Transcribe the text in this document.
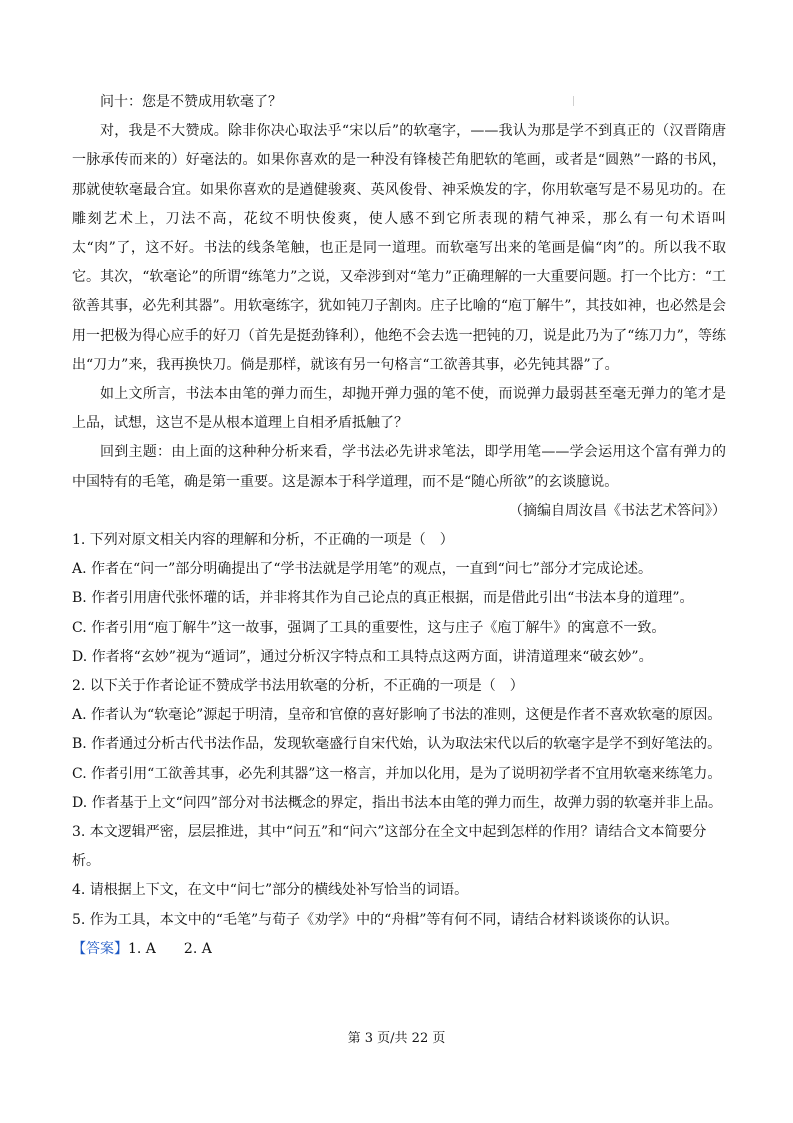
问十：您是不赞成用软毫了？

对，我是不大赞成。除非你决心取法乎“宋以后”的软毫字，——我认为那是学不到真正的（汉晋隋唐一脉承传而来的）好毫法的。如果你喜欢的是一种没有锋棱芒角肥软的笔画，或者是“圆熟”一路的书风，那就使软毫最合宜。如果你喜欢的是遒健骏爽、英风俊骨、神采焕发的字，你用软毫写是不易见功的。在雕刻艺术上，刀法不高，花纹不明快俊爽，使人感不到它所表现的精气神采，那么有一句术语叫太“肉”了，这不好。书法的线条笔触，也正是同一道理。而软毫写出来的笔画是偏“肉”的。所以我不取它。其次，“软毫论”的所谓“练笔力”之说，又牵涉到对“笔力”正确理解的一大重要问题。打一个比方：“工欲善其事，必先利其器”。用软毫练字，犹如钝刀子割肉。庄子比喻的“庖丁解牛”，其技如神，也必然是会用一把极为得心应手的好刀（首先是挺劲锋利），他绝不会去选一把钝的刀，说是此乃为了“练刀力”，等练出“刀力”来，我再换快刀。倘是那样，就该有另一句格言“工欲善其事，必先钝其器”了。

如上文所言，书法本由笔的弹力而生，却抛开弹力强的笔不使，而说弹力最弱甚至毫无弹力的笔才是上品，试想，这岂不是从根本道理上自相矛盾抵触了？

回到主题：由上面的这种种分析来看，学书法必先讲求笔法，即学用笔——学会运用这个富有弹力的中国特有的毛笔，确是第一重要。这是源本于科学道理，而不是“随心所欲”的玄谈臆说。

（摘编自周汝昌《书法艺术答问》）

1. 下列对原文相关内容的理解和分析，不正确的一项是（　）

A. 作者在“问一”部分明确提出了“学书法就是学用笔”的观点，一直到“问七”部分才完成论述。

B. 作者引用唐代张怀瓘的话，并非将其作为自己论点的真正根据，而是借此引出“书法本身的道理”。

C. 作者引用“庖丁解牛”这一故事，强调了工具的重要性，这与庄子《庖丁解牛》的寓意不一致。

D. 作者将“玄妙”视为“遁词”，通过分析汉字特点和工具特点这两方面，讲清道理来“破玄妙”。

2. 以下关于作者论证不赞成学书法用软毫的分析，不正确的一项是（　）

A. 作者认为“软毫论”源起于明清，皇帝和官僚的喜好影响了书法的准则，这便是作者不喜欢软毫的原因。

B. 作者通过分析古代书法作品，发现软毫盛行自宋代始，认为取法宋代以后的软毫字是学不到好笔法的。

C. 作者引用“工欲善其事，必先利其器”这一格言，并加以化用，是为了说明初学者不宜用软毫来练笔力。

D. 作者基于上文“问四”部分对书法概念的界定，指出书法本由笔的弹力而生，故弹力弱的软毫并非上品。

3. 本文逻辑严密，层层推进，其中“问五”和“问六”这部分在全文中起到怎样的作用？请结合文本简要分析。

4. 请根据上下文，在文中“问七”部分的横线处补写恰当的词语。

5. 作为工具，本文中的“毛笔”与荀子《劝学》中的“舟楫”等有何不同，请结合材料谈谈你的认识。

【答案】1. A　　2. A

第 3 页/共 22 页
